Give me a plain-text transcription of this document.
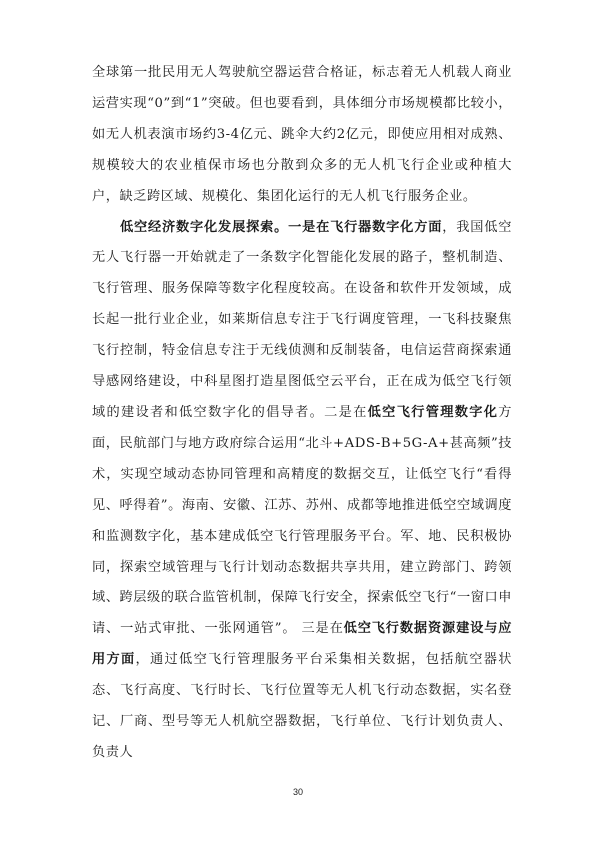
全球第一批民用无人驾驶航空器运营合格证，标志着无人机载人商业运营实现“0”到“1”突破。但也要看到，具体细分市场规模都比较小，如无人机表演市场约3-4亿元、跳伞大约2亿元，即使应用相对成熟、规模较大的农业植保市场也分散到众多的无人机飞行企业或种植大户，缺乏跨区域、规模化、集团化运行的无人机飞行服务企业。

低空经济数字化发展探索。一是在飞行器数字化方面，我国低空无人飞行器一开始就走了一条数字化智能化发展的路子，整机制造、飞行管理、服务保障等数字化程度较高。在设备和软件开发领域，成长起一批行业企业，如莱斯信息专注于飞行调度管理，一飞科技聚焦飞行控制，特金信息专注于无线侦测和反制装备，电信运营商探索通导感网络建设，中科星图打造星图低空云平台，正在成为低空飞行领域的建设者和低空数字化的倡导者。二是在低空飞行管理数字化方面，民航部门与地方政府综合运用“北斗+ADS-B+5G-A+甚高频”技术，实现空域动态协同管理和高精度的数据交互，让低空飞行“看得见、呼得着”。海南、安徽、江苏、苏州、成都等地推进低空空域调度和监测数字化，基本建成低空飞行管理服务平台。军、地、民积极协同，探索空域管理与飞行计划动态数据共享共用，建立跨部门、跨领域、跨层级的联合监管机制，保障飞行安全，探索低空飞行“一窗口申请、一站式审批、一张网通管”。 三是在低空飞行数据资源建设与应用方面，通过低空飞行管理服务平台采集相关数据，包括航空器状态、飞行高度、飞行时长、飞行位置等无人机飞行动态数据，实名登记、厂商、型号等无人机航空器数据，飞行单位、飞行计划负责人、负责人

30
